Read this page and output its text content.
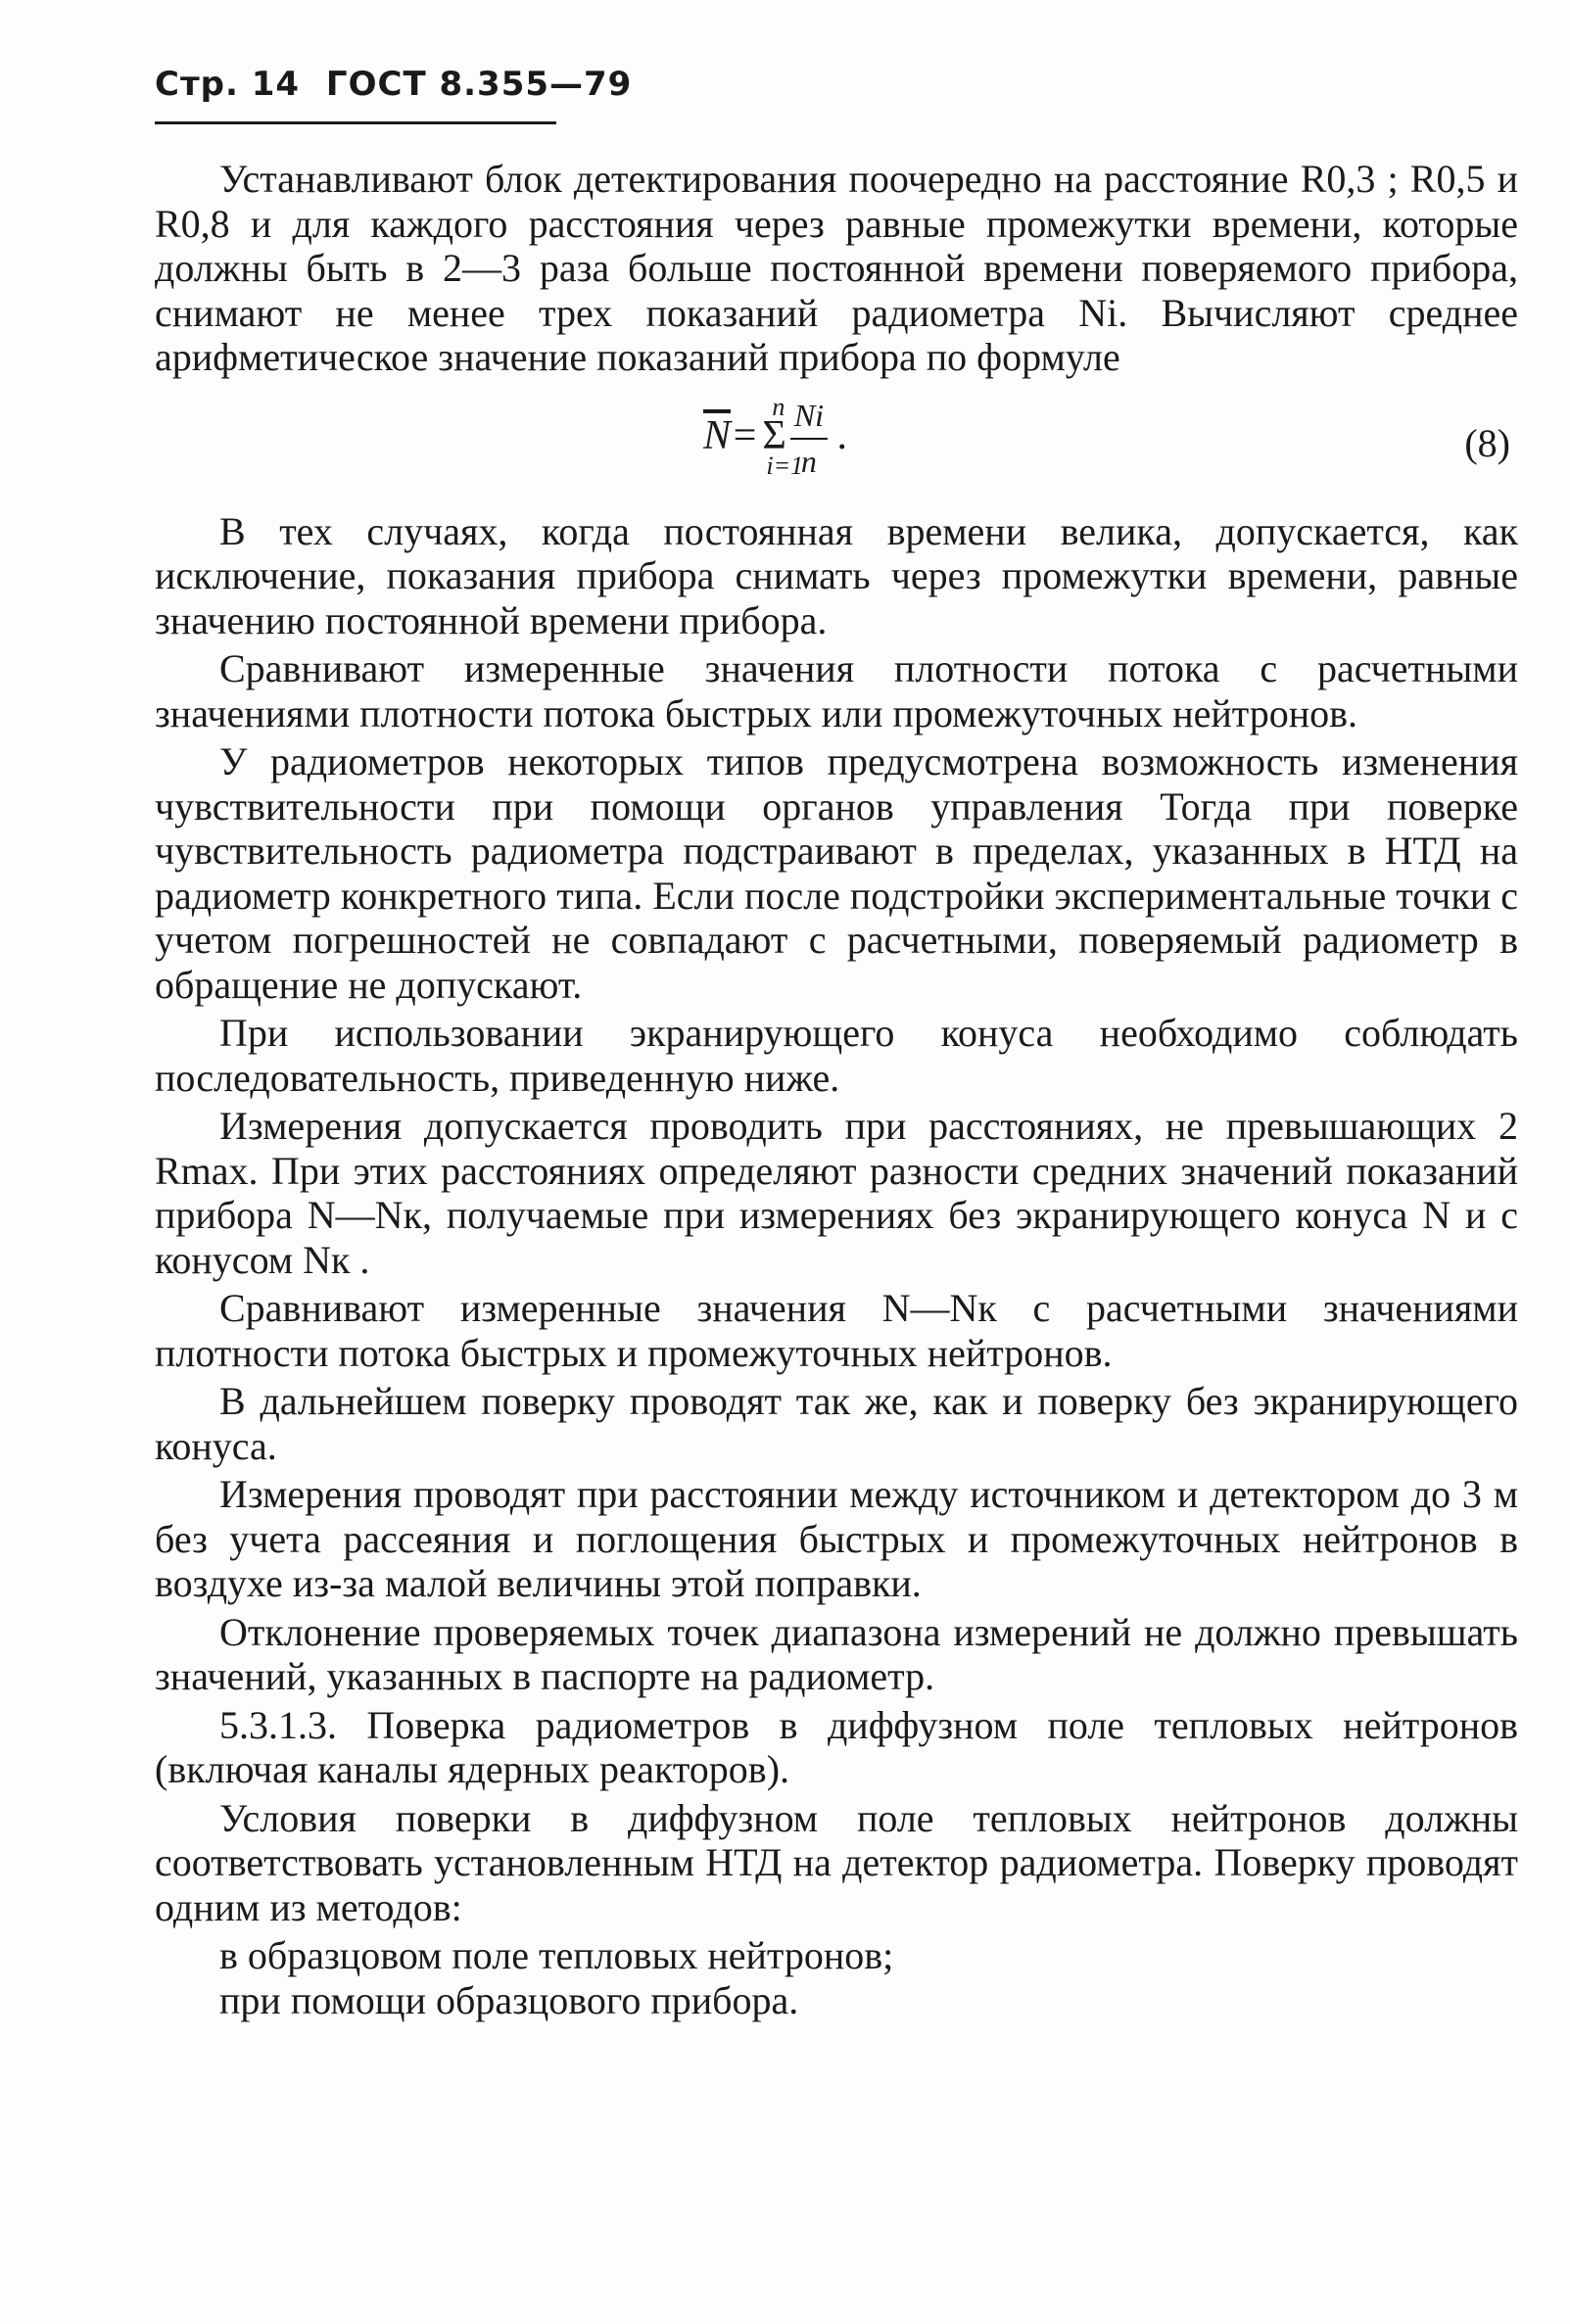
Стр. 14 ГОСТ 8.355—79

Устанавливают блок детектирования поочередно на расстояние R0,3 ; R0,5 и R0,8 и для каждого расстояния через равные промежутки времени, которые должны быть в 2—3 раза больше постоянной времени поверяемого прибора, снимают не менее трех показаний радиометра Ni. Вычисляют среднее арифметическое значение показаний прибора по формуле

$\overline{N}=\Sigma$
n
i=1
$\frac{Ni}{n}$ .	(8)

В тех случаях, когда постоянная времени велика, допускается, как исключение, показания прибора снимать через промежутки времени, равные значению постоянной времени прибора.

Сравнивают измеренные значения плотности потока с расчетными значениями плотности потока быстрых или промежуточных нейтронов.

У радиометров некоторых типов предусмотрена возможность изменения чувствительности при помощи органов управления Тогда при поверке чувствительность радиометра подстраивают в пределах, указанных в НТД на радиометр конкретного типа. Если после подстройки экспериментальные точки с учетом погрешностей не совпадают с расчетными, поверяемый радиометр в обращение не допускают.

При использовании экранирующего конуса необходимо соблюдать последовательность, приведенную ниже.

Измерения допускается проводить при расстояниях, не превышающих 2 Rmax. При этих расстояниях определяют разности средних значений показаний прибора N—Nк, получаемые при измерениях без экранирующего конуса N и с конусом Nк .

Сравнивают измеренные значения N—Nк с расчетными значениями плотности потока быстрых и промежуточных нейтронов.

В дальнейшем поверку проводят так же, как и поверку без экранирующего конуса.

Измерения проводят при расстоянии между источником и детектором до 3 м без учета рассеяния и поглощения быстрых и промежуточных нейтронов в воздухе из-за малой величины этой поправки.

Отклонение проверяемых точек диапазона измерений не должно превышать значений, указанных в паспорте на радиометр.

5.3.1.3. Поверка радиометров в диффузном поле тепловых нейтронов (включая каналы ядерных реакторов).

Условия поверки в диффузном поле тепловых нейтронов должны соответствовать установленным НТД на детектор радиометра. Поверку проводят одним из методов:

в образцовом поле тепловых нейтронов;

при помощи образцового прибора.
